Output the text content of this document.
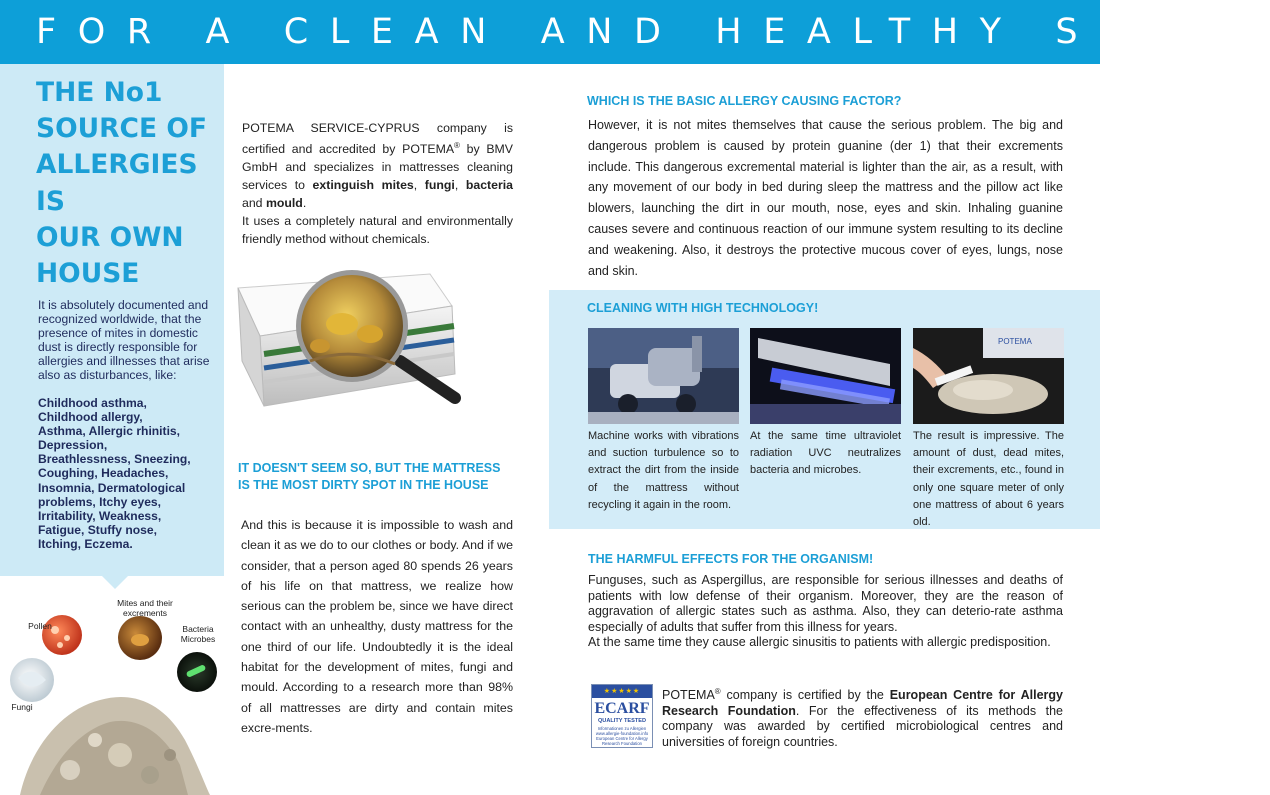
FOR A CLEAN AND HEALTHY SLEEP
THE No1
SOURCE OF
ALLERGIES
IS
OUR OWN
HOUSE

It is absolutely documented and recognized worldwide, that the presence of mites in domestic dust is directly responsible for allergies and illnesses that arise also as disturbances, like:

Childhood asthma,
Childhood allergy,
Asthma, Allergic rhinitis,
Depression,
Breathlessness, Sneezing,
Coughing, Headaches,
Insomnia, Dermatological
problems, Itchy eyes,
Irritability, Weakness,
Fatigue, Stuffy nose,
Itching, Eczema.
Pollen
Mites and their excrements
Bacteria Microbes
Fungi
POTEMA SERVICE-CYPRUS company is certified and accredited by POTEMA® by BMV GmbH and specializes in mattresses cleaning services to extinguish mites, fungi, bacteria and mould.
It uses a completely natural and environmentally friendly method without chemicals.
IT DOESN'T SEEM SO, BUT THE MATTRESS
IS THE MOST DIRTY SPOT IN THE HOUSE

And this is because it is impossible to wash and clean it as we do to our clothes or body. And if we consider, that a person aged 80 spends 26 years of his life on that mattress, we realize how serious can the problem be, since we have direct contact with an unhealthy, dusty mattress for the one third of our life. Undoubtedly it is the ideal habitat for the development of mites, fungi and mould. According to a research more than 98% of all mattresses are dirty and contain mites excre-ments.

WHICH IS THE BASIC ALLERGY CAUSING FACTOR?

However, it is not mites themselves that cause the serious problem. The big and dangerous problem is caused by protein guanine (der 1) that their excrements include. This dangerous excremental material is lighter than the air, as a result, with any movement of our body in bed during sleep the mattress and the pillow act like blowers, launching the dirt in our mouth, nose, eyes and skin. Inhaling guanine causes severe and continuous reaction of our immune system resulting to its decline and weakening. Also, it destroys the protective mucous cover of eyes, lungs, nose and skin.

CLEANING WITH HIGH TECHNOLOGY!
POTEMA

Machine works with vibrations and suction turbulence so to extract the dirt from the inside of the mattress without recycling it again in the room.

At the same time ultraviolet radiation UVC neutralizes bacteria and microbes.

The result is impressive. The amount of dust, dead mites, their excrements, etc., found in only one square meter of only one mattress of about 6 years old.

THE HARMFUL EFFECTS FOR THE ORGANISM!
Funguses, such as Aspergillus, are responsible for serious illnesses and deaths of patients with low defense of their organism. Moreover, they are the reason of aggravation of allergic states such as asthma. Also, they can deterio-rate asthma especially of adults that suffer from this illness for years.
At the same time they cause allergic sinusitis to patients with allergic predisposition.
★★★★★
ECARF
QUALITY TESTED
Informationen zu Allergien
www.allergie-foundation.info
European Centre for Allergy Research Foundation

POTEMA® company is certified by the European Centre for Allergy Research Foundation. For the effectiveness of its methods the company was awarded by certified microbiological centres and universities of foreign countries.
